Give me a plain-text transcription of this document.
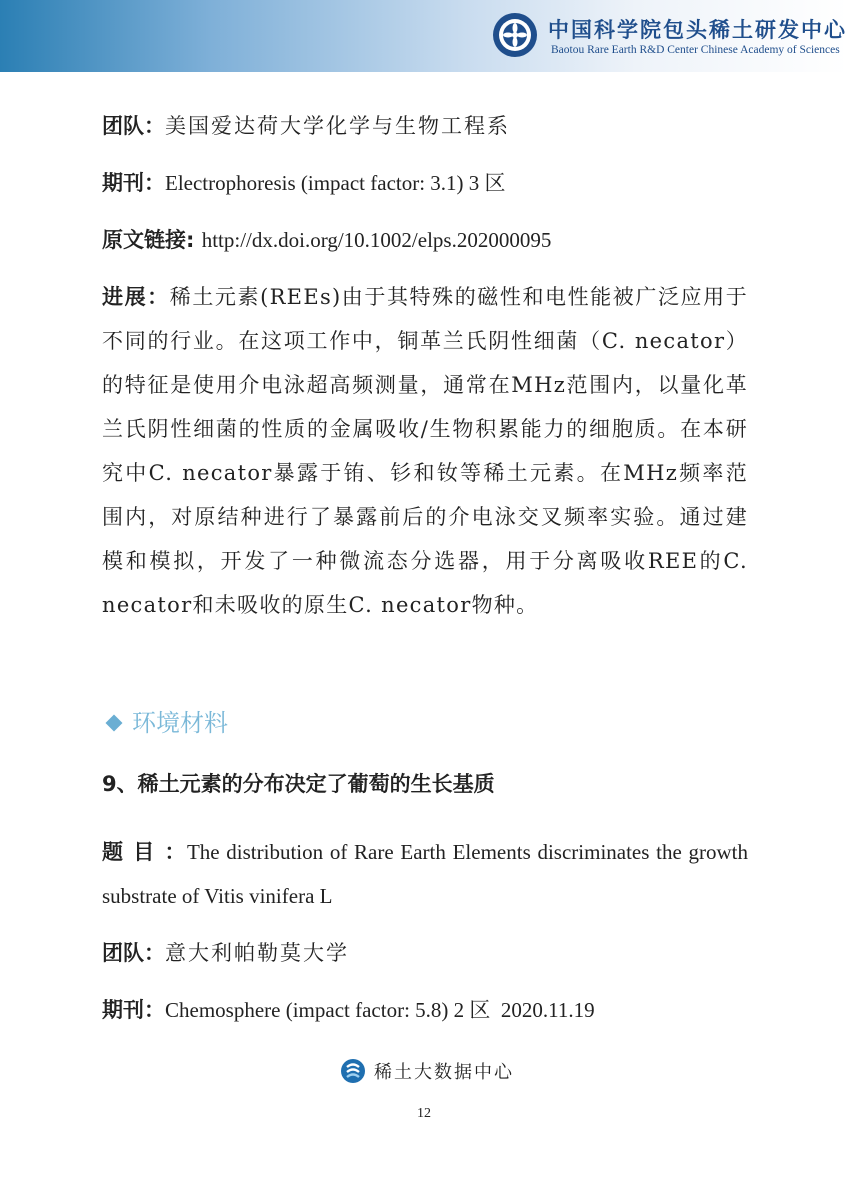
中国科学院包头稀土研发中心
Baotou Rare Earth R&D Center Chinese Academy of Sciences
团队：美国爱达荷大学化学与生物工程系
期刊：Electrophoresis (impact factor: 3.1) 3 区
原文链接: http://dx.doi.org/10.1002/elps.202000095
进展：稀土元素(REEs)由于其特殊的磁性和电性能被广泛应用于不同的行业。在这项工作中，铜革兰氏阴性细菌（C. necator）的特征是使用介电泳超高频测量，通常在MHz范围内，以量化革兰氏阴性细菌的性质的金属吸收/生物积累能力的细胞质。在本研究中C. necator暴露于铕、钐和钕等稀土元素。在MHz频率范围内，对原结种进行了暴露前后的介电泳交叉频率实验。通过建模和模拟，开发了一种微流态分选器，用于分离吸收REE的C. necator和未吸收的原生C. necator物种。
环境材料
9、稀土元素的分布决定了葡萄的生长基质
题 目 ：The distribution of Rare Earth Elements discriminates the growth substrate of Vitis vinifera L
团队：意大利帕勒莫大学
期刊：Chemosphere (impact factor: 5.8) 2 区  2020.11.19
稀土大数据中心
12
